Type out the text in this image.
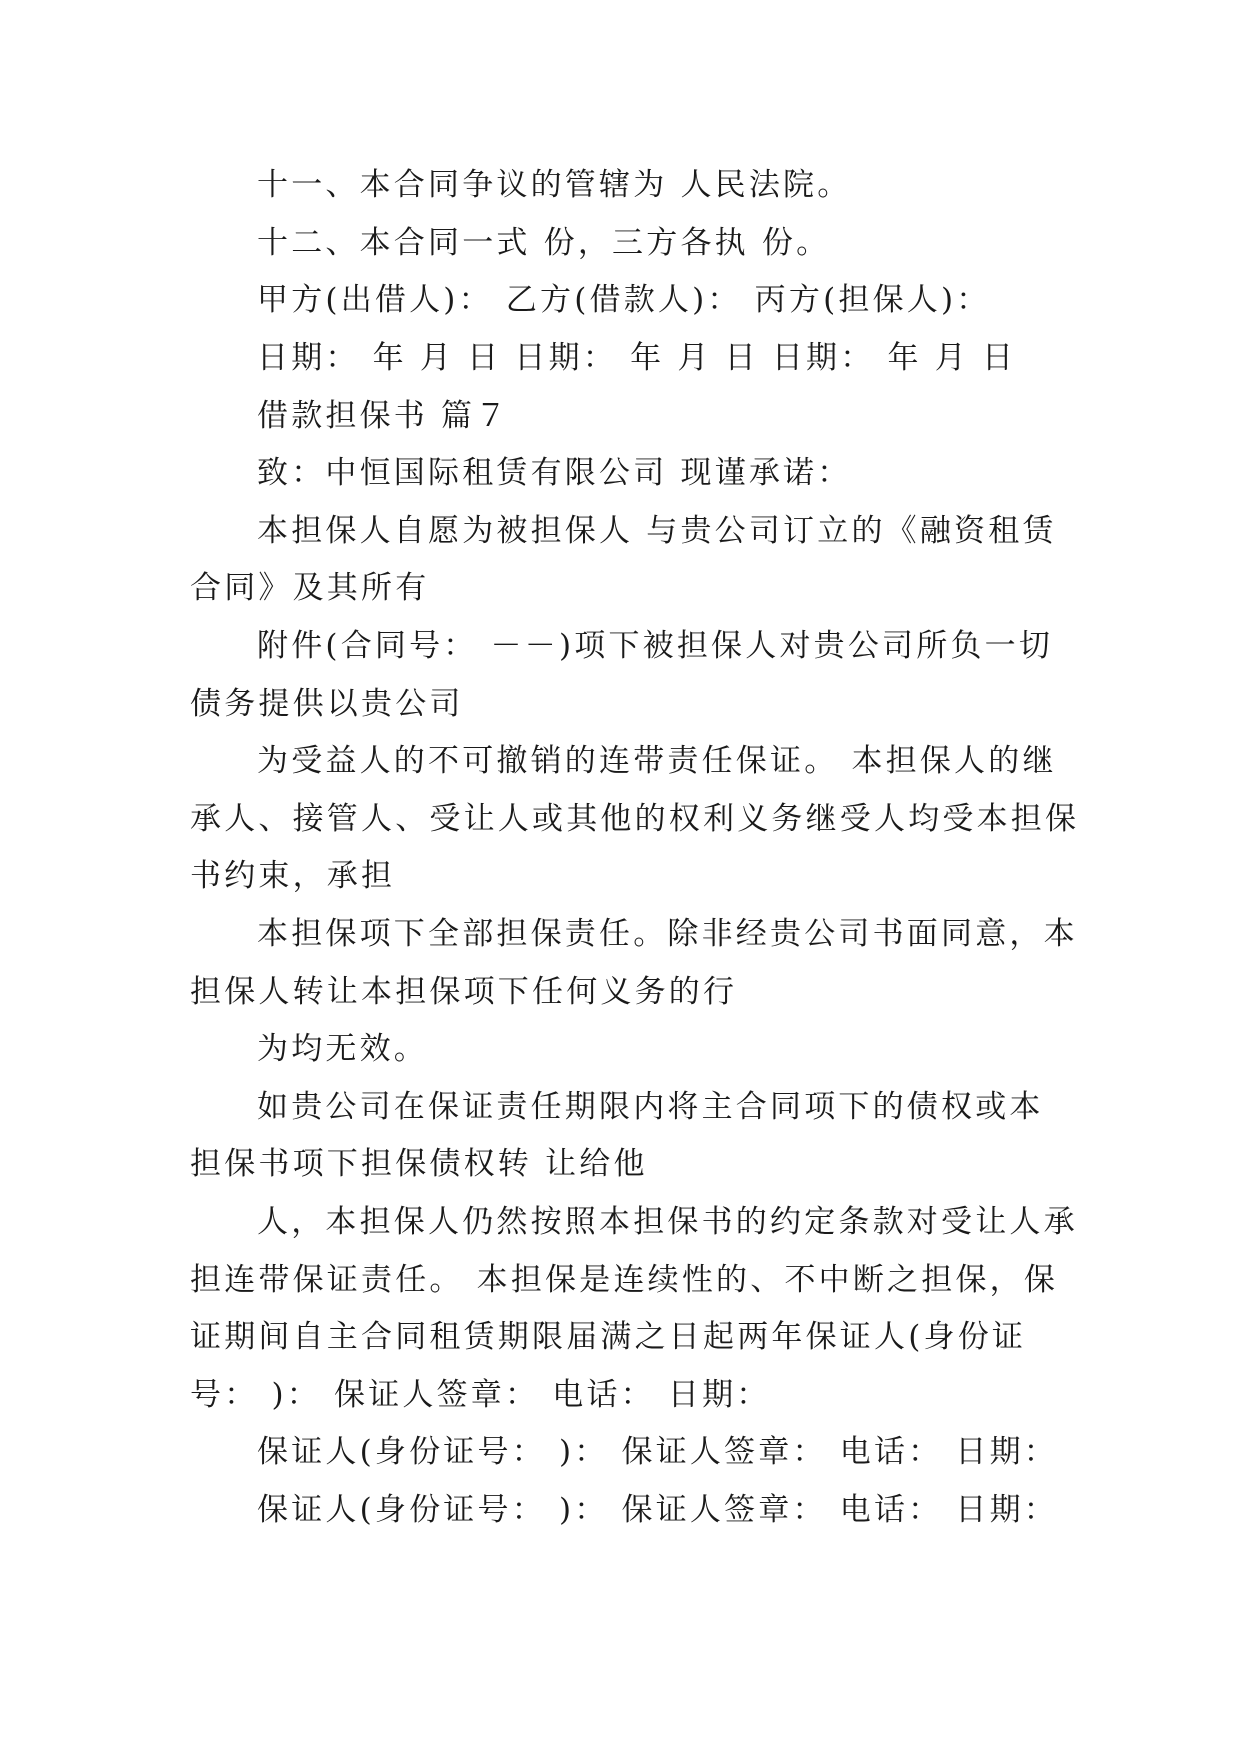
十一、本合同争议的管辖为 人民法院。
十二、本合同一式 份，三方各执 份。
甲方(出借人)： 乙方(借款人)： 丙方(担保人)：
日期： 年 月 日 日期： 年 月 日 日期： 年 月 日
借款担保书 篇７
致：中恒国际租赁有限公司 现谨承诺：
本担保人自愿为被担保人 与贵公司订立的《融资租赁
合同》及其所有
附件(合同号： －－)项下被担保人对贵公司所负一切
债务提供以贵公司
为受益人的不可撤销的连带责任保证。 本担保人的继
承人、接管人、受让人或其他的权利义务继受人均受本担保
书约束，承担
本担保项下全部担保责任。除非经贵公司书面同意，本
担保人转让本担保项下任何义务的行
为均无效。
如贵公司在保证责任期限内将主合同项下的债权或本
担保书项下担保债权转 让给他
人，本担保人仍然按照本担保书的约定条款对受让人承
担连带保证责任。 本担保是连续性的、不中断之担保，保
证期间自主合同租赁期限届满之日起两年保证人(身份证
号： )： 保证人签章： 电话： 日期：
保证人(身份证号： )： 保证人签章： 电话： 日期：
保证人(身份证号： )： 保证人签章： 电话： 日期：
